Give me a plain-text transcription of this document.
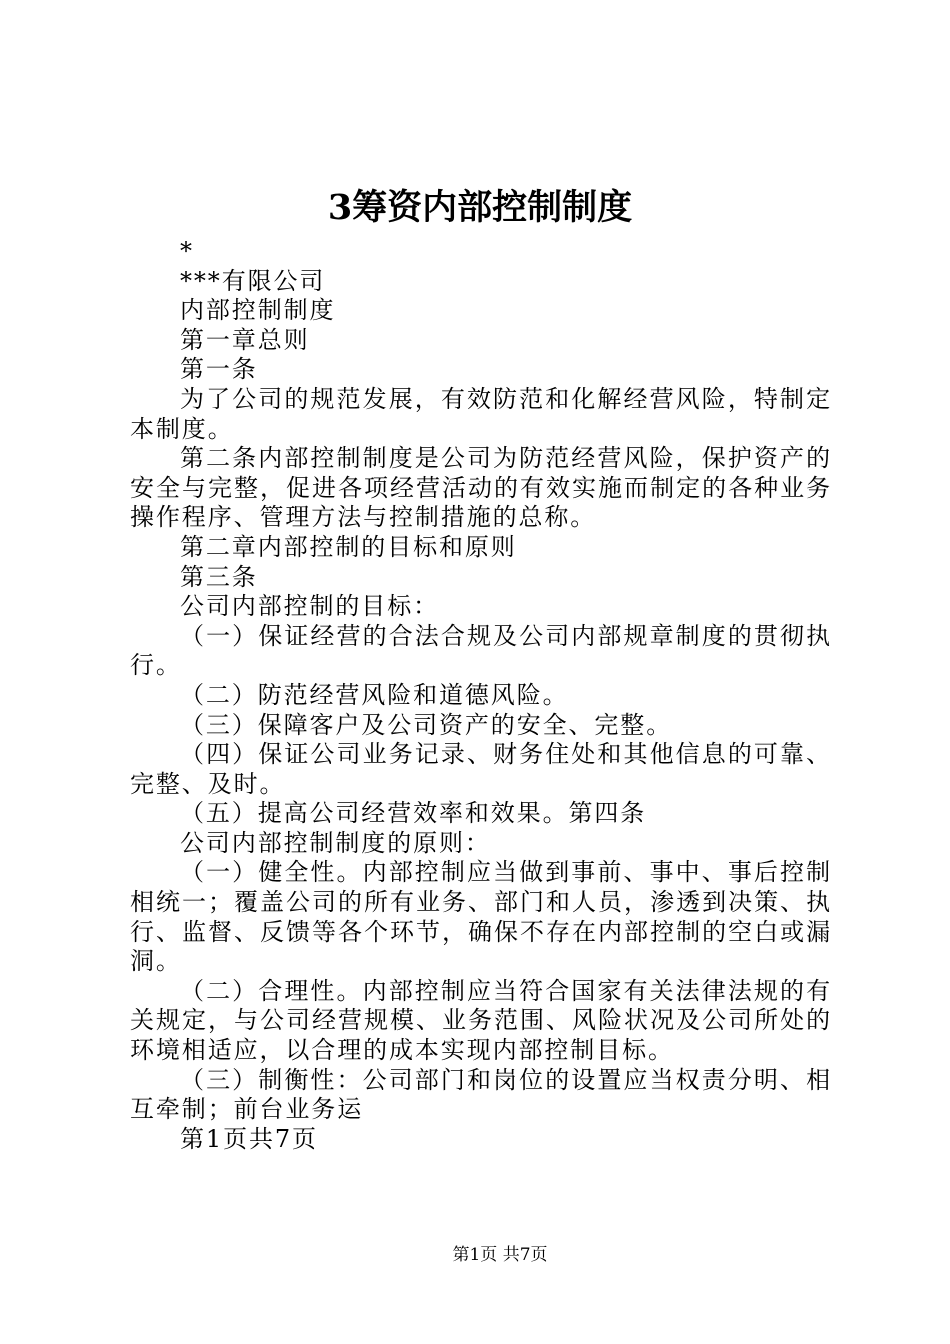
3筹资内部控制制度

*

***有限公司

内部控制制度

第一章总则

第一条

为了公司的规范发展，有效防范和化解经营风险，特制定本制度。

第二条内部控制制度是公司为防范经营风险，保护资产的安全与完整，促进各项经营活动的有效实施而制定的各种业务操作程序、管理方法与控制措施的总称。

第二章内部控制的目标和原则

第三条

公司内部控制的目标：

（一）保证经营的合法合规及公司内部规章制度的贯彻执行。

（二）防范经营风险和道德风险。

（三）保障客户及公司资产的安全、完整。

（四）保证公司业务记录、财务住处和其他信息的可靠、完整、及时。

（五）提高公司经营效率和效果。第四条

公司内部控制制度的原则：

（一）健全性。内部控制应当做到事前、事中、事后控制相统一；覆盖公司的所有业务、部门和人员，渗透到决策、执行、监督、反馈等各个环节，确保不存在内部控制的空白或漏洞。

（二）合理性。内部控制应当符合国家有关法律法规的有关规定，与公司经营规模、业务范围、风险状况及公司所处的环境相适应，以合理的成本实现内部控制目标。

（三）制衡性：公司部门和岗位的设置应当权责分明、相互牵制；前台业务运

第1页共7页

第1页 共7页
